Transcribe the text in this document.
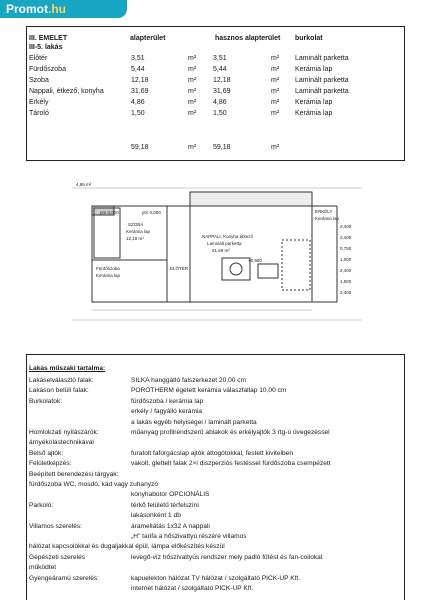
Promot.hu
III. EMELET
III-5. lakás
alapterület	hasznos alapterület burkolat
Előtér	3,51	m² 3,51	m² Laminált parketta
Fürdőszoba	5,44	m² 5,44	m² Kerámia lap
Szoba	12,18	m² 12,18	m² Laminált parketta
Nappali, étkező, konyha	31,69	m² 31,69	m² Laminált parketta
Erkély	4,86	m² 4,86	m² Kerámia lap
Tároló	1,50	m² 1,50	m² Kerámia lap
59,18	m² 59,18	m²
4,86 m²
pm 0,000	pm 0,000
SZOBA
Kerámia lap
12,18 m²	NAPPALI, Konyha étkező
Laminált parketta
31,69 m²
Fürdőszoba
Kerámia lap
ELŐTÉR
+0,960
ERKÉLY
Kerámia lap
2,400
2,400
0,750
1,000
2,400
1,500
2,400
Lakás műszaki tartalma:
Lakáselválasztó falak:	SILKA hanggátló falszerkezet 20,00 cm
Lakáson belüli falak:	POROTHERM égetett kerámia válaszfallap 10,00 cm
Burkolatok:	fürdőszoba / kerámia lap
erkély / fagyálló kerámia
a lakás egyéb helyiségei / laminált parketta
Homlokzati nyílászárók:	műanyag profilrendszerű ablakok és erkélyajtók 3 rtg-ú üvegezéssel
árnyékolástechnikával
Belső ajtók:	furatolt faforgácslap ajtók áttogótokkal, festett kivitelben
Felületképzés:	vakolt, glettelt falak 2×i diszperziós festéssel fürdőszoba csempézett
Beépített berendezési tárgyak:
fürdőszoba WC, mosdó, kád vagy zuhanyzó
konyhabútor OPCIONÁLIS
Parkoló:	térkő felületű térfelszíni
lakásonként 1 db
Villamos szerelés:	áramellátás 1x32 A nappali
„H" tarifa a hőszivattyú részére villamos
hálózat kapcsolókkal és dugaljakkal épül, lámpa előkészítés készül
Gépészeti szerelés	levegő-víz hőszivattyús rendszer mely padló fűtést és fan-coilokat
működtet
Gyengeáramú szerelés:	kapuelekton hálózat TV hálózat / szolgáltató PICK-UP Kft.
internet hálózat / szolgáltató PICK-UP Kft.
